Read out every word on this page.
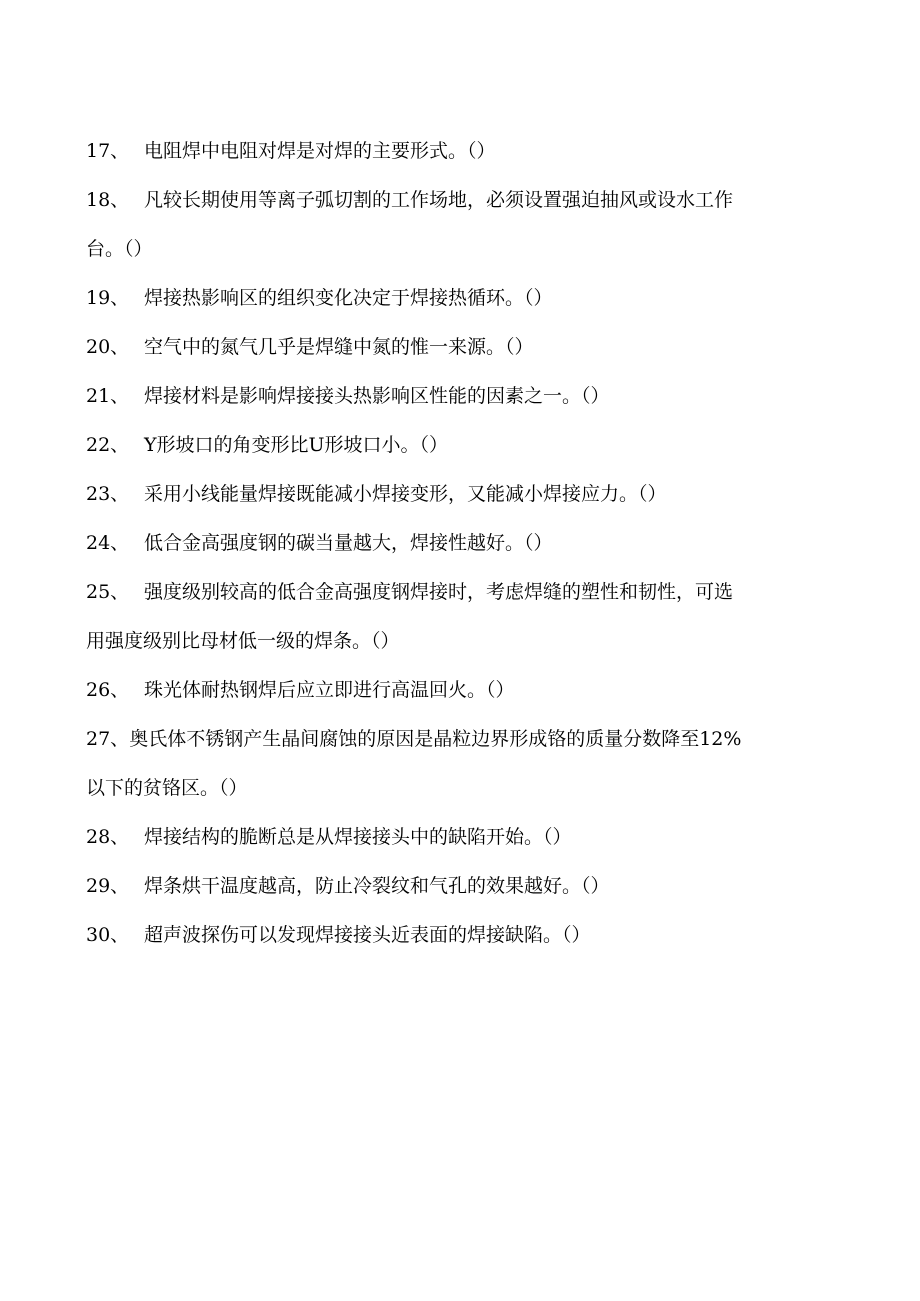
17、 电阻焊中电阻对焊是对焊的主要形式。（）
18、 凡较长期使用等离子弧切割的工作场地，必须设置强迫抽风或设水工作
台。（）
19、 焊接热影响区的组织变化决定于焊接热循环。（）
20、 空气中的氮气几乎是焊缝中氮的惟一来源。（）
21、 焊接材料是影响焊接接头热影响区性能的因素之一。（）
22、 Y形坡口的角变形比U形坡口小。（）
23、 采用小线能量焊接既能减小焊接变形，又能减小焊接应力。（）
24、 低合金高强度钢的碳当量越大，焊接性越好。（）
25、 强度级别较高的低合金高强度钢焊接时，考虑焊缝的塑性和韧性，可选
用强度级别比母材低一级的焊条。（）
26、 珠光体耐热钢焊后应立即进行高温回火。（）
27、奥氏体不锈钢产生晶间腐蚀的原因是晶粒边界形成铬的质量分数降至12%
以下的贫铬区。（）
28、 焊接结构的脆断总是从焊接接头中的缺陷开始。（）
29、 焊条烘干温度越高，防止冷裂纹和气孔的效果越好。（）
30、 超声波探伤可以发现焊接接头近表面的焊接缺陷。（）
